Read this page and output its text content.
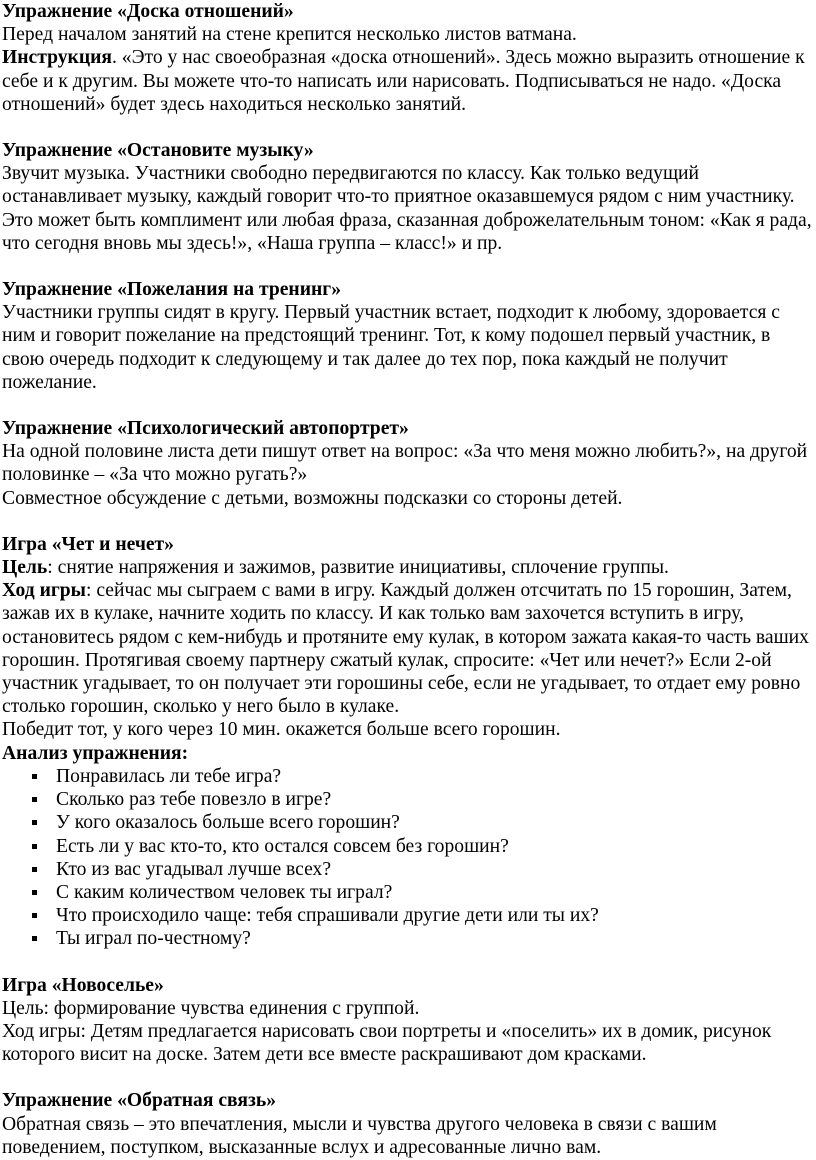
Упражнение «Доска отношений»

Перед началом занятий на стене крепится несколько листов ватмана.

Инструкция. «Это у нас своеобразная «доска отношений». Здесь можно выразить отношение к себе и к другим. Вы можете что-то написать или нарисовать. Подписываться не надо. «Доска отношений» будет здесь находиться несколько занятий.

Упражнение «Остановите музыку»

Звучит музыка. Участники свободно передвигаются по классу. Как только ведущий останавливает музыку, каждый говорит что-то приятное оказавшемуся рядом с ним участнику. Это может быть комплимент или любая фраза, сказанная доброжелательным тоном: «Как я рада, что сегодня вновь мы здесь!», «Наша группа – класс!» и пр.

Упражнение «Пожелания на тренинг»

Участники группы сидят в кругу. Первый участник встает, подходит к любому, здоровается с ним и говорит пожелание на предстоящий тренинг. Тот, к кому подошел первый участник, в свою очередь подходит к следующему и так далее до тех пор, пока каждый не получит пожелание.

Упражнение «Психологический автопортрет»

На одной половине листа дети пишут ответ на вопрос: «За что меня можно любить?», на другой половинке – «За что можно ругать?»

Совместное обсуждение с детьми, возможны подсказки со стороны детей.

Игра «Чет и нечет»

Цель: снятие напряжения и зажимов, развитие инициативы, сплочение группы.

Ход игры: сейчас мы сыграем с вами в игру. Каждый должен отсчитать по 15 горошин, Затем, зажав их в кулаке, начните ходить по классу. И как только вам захочется вступить в игру, остановитесь рядом с кем-нибудь и протяните ему кулак, в котором зажата какая-то часть ваших горошин. Протягивая своему партнеру сжатый кулак, спросите: «Чет или нечет?» Если 2-ой участник угадывает, то он получает эти горошины себе, если не угадывает, то отдает ему ровно столько горошин, сколько у него было в кулаке.

Победит тот, у кого через 10 мин. окажется больше всего горошин.

Анализ упражнения:
Понравилась ли тебе игра?
Сколько раз тебе повезло в игре?
У кого оказалось больше всего горошин?
Есть ли у вас кто-то, кто остался совсем без горошин?
Кто из вас угадывал лучше всех?
С каким количеством человек ты играл?
Что происходило чаще: тебя спрашивали другие дети или ты их?
Ты играл по-честному?
Игра «Новоселье»

Цель: формирование чувства единения с группой.

Ход игры: Детям предлагается нарисовать свои портреты и «поселить» их в домик, рисунок которого висит на доске. Затем дети все вместе раскрашивают дом красками.

Упражнение «Обратная связь»

Обратная связь – это впечатления, мысли и чувства другого человека в связи с вашим поведением, поступком, высказанные вслух и адресованные лично вам.
